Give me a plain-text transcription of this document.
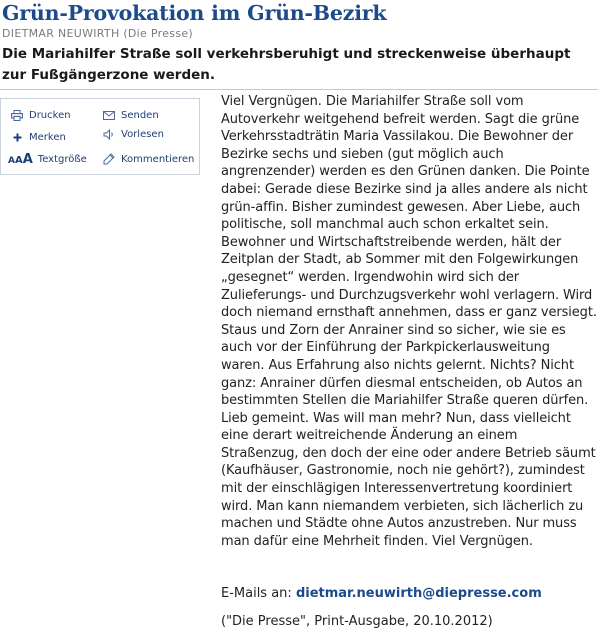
Grün-Provokation im Grün-Bezirk
DIETMAR NEUWIRTH (Die Presse)

Die Mariahilfer Straße soll verkehrsberuhigt und streckenweise überhaupt zur Fußgängerzone werden.

Drucken	Senden
Merken	Vorlesen
AAA Textgröße	Kommentieren

Viel Vergnügen. Die Mariahilfer Straße soll vom Autoverkehr weitgehend befreit werden. Sagt die grüne Verkehrsstadträtin Maria Vassilakou. Die Bewohner der Bezirke sechs und sieben (gut möglich auch angrenzender) werden es den Grünen danken. Die Pointe dabei: Gerade diese Bezirke sind ja alles andere als nicht grün-affin. Bisher zumindest gewesen. Aber Liebe, auch politische, soll manchmal auch schon erkaltet sein. Bewohner und Wirtschaftstreibende werden, hält der Zeitplan der Stadt, ab Sommer mit den Folgewirkungen „gesegnet“ werden. Irgendwohin wird sich der Zulieferungs- und Durchzugsverkehr wohl verlagern. Wird doch niemand ernsthaft annehmen, dass er ganz versiegt. Staus und Zorn der Anrainer sind so sicher, wie sie es auch vor der Einführung der Parkpickerlausweitung waren. Aus Erfahrung also nichts gelernt. Nichts? Nicht ganz: Anrainer dürfen diesmal entscheiden, ob Autos an bestimmten Stellen die Mariahilfer Straße queren dürfen. Lieb gemeint. Was will man mehr? Nun, dass vielleicht eine derart weitreichende Änderung an einem Straßenzug, den doch der eine oder andere Betrieb säumt (Kaufhäuser, Gastronomie, noch nie gehört?), zumindest mit der einschlägigen Interessenvertretung koordiniert wird. Man kann niemandem verbieten, sich lächerlich zu machen und Städte ohne Autos anzustreben. Nur muss man dafür eine Mehrheit finden. Viel Vergnügen.

E-Mails an: dietmar.neuwirth@diepresse.com
("Die Presse", Print-Ausgabe, 20.10.2012)
